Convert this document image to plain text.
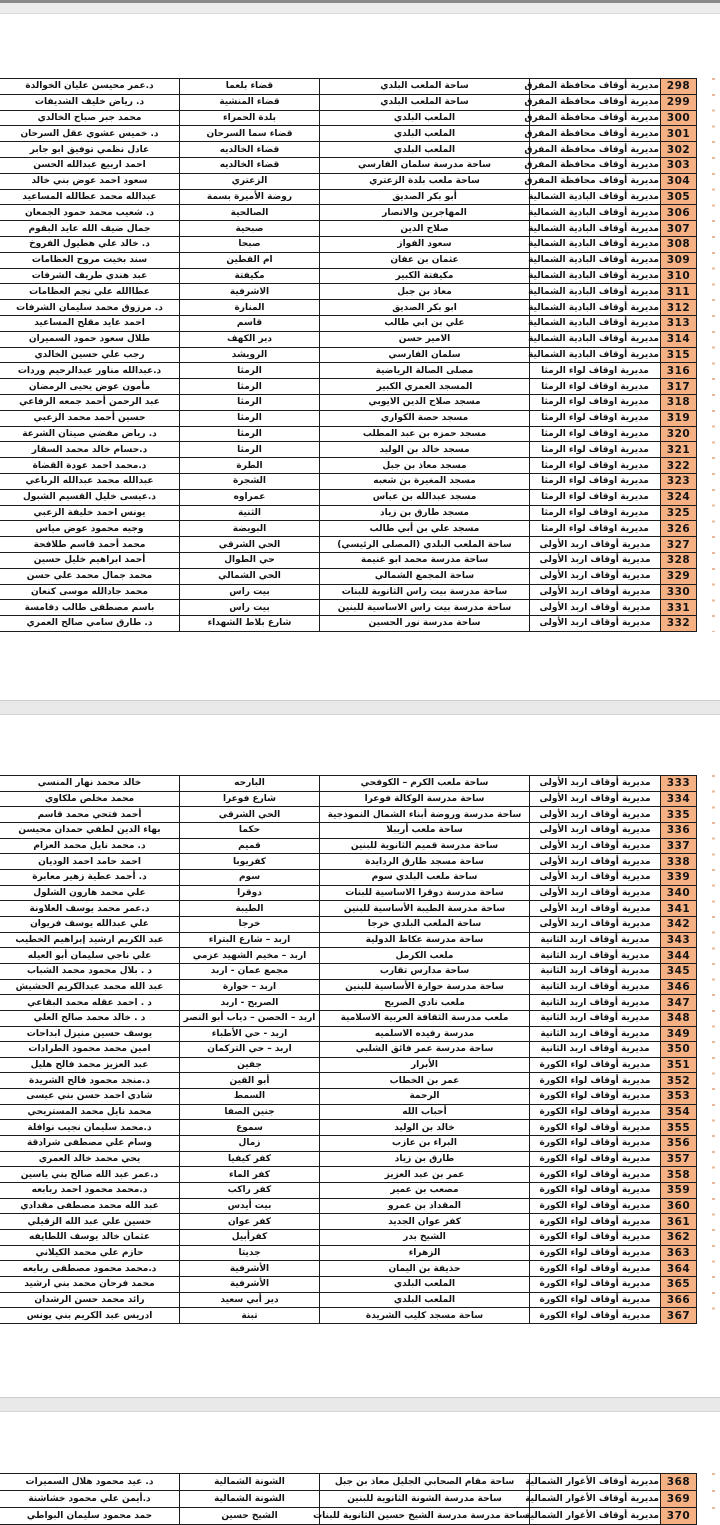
298	مديرية أوقاف محافظة المفرق	ساحة الملعب البلدي	قضاء بلعما	د.عمر محيسن عليان الخوالدة
299	مديرية أوقاف محافظة المفرق	ساحة الملعب البلدي	قضاء المنشية	د. رياض خليف الشديفات
300	مديرية أوقاف محافظة المفرق	الملعب البلدي	بلدة الحمراء	محمد جبر صباح الخالدي
301	مديرية أوقاف محافظة المفرق	الملعب البلدي	قضاء سما السرحان	د. خميس عشوي عقل السرحان
302	مديرية أوقاف محافظة المفرق	الملعب البلدي	قضاء الخالديه	عادل نظمي توفيق ابو جابر
303	مديرية أوقاف محافظة المفرق	ساحة مدرسة سلمان الفارسي	قضاء الخالديه	احمد اربيع عبدالله الحسن
304	مديرية أوقاف محافظة المفرق	ساحة ملعب بلدة الزعتري	الزعتري	سعود احمد عوض بني خالد
305	مديرية أوقاف البادية الشمالية	أبو بكر الصديق	روضة الأميرة بسمة	عبدالله محمد عطالله المساعيد
306	مديرية أوقاف البادية الشمالية	المهاجرين والانصار	الصالحية	د. شعيب محمد حمود الجمعان
307	مديرية أوقاف البادية الشمالية	صلاح الدين	صبحية	جمال ضيف الله عايد البقوم
308	مديرية أوقاف البادية الشمالية	سعود الفواز	صبحا	د. خالد علي هطيول الفروخ
309	مديرية أوقاف البادية الشمالية	عثمان بن عفان	ام القطين	سند بخيت مروح العظامات
310	مديرية أوقاف البادية الشمالية	مكيفتة الكبير	مكيفتة	عبد هندي طريف الشرفات
311	مديرية أوقاف البادية الشمالية	معاذ بن جبل	الاشرفية	عطاالله علي نجم العظامات
312	مديرية أوقاف البادية الشمالية	ابو بكر الصديق	المنارة	د. مرزوق محمد سليمان الشرفات
313	مديرية أوقاف البادية الشمالية	علي بن ابي طالب	قاسم	احمد عايد مقلح المساعيد
314	مديرية أوقاف البادية الشمالية	الامير حسن	دير الكهف	طلال سعود حمود السميران
315	مديرية أوقاف البادية الشمالية	سلمان الفارسي	الرويشد	رجب علي حسين الخالدي
316	مديرية اوقاف لواء الرمثا	مصلى الصالة الرياضية	الرمثا	د.عبدالله مناور عبدالرحيم وردات
317	مديرية اوقاف لواء الرمثا	المسجد العمري الكبير	الرمثا	مأمون عوض يحيى الرمضان
318	مديرية اوقاف لواء الرمثا	مسجد صلاح الدين الايوبي	الرمثا	عبد الرحمن أحمد جمعه الرفاعي
319	مديرية اوقاف لواء الرمثا	مسجد حصة الكواري	الرمثا	حسين أحمد محمد الزعبي
320	مديرية اوقاف لواء الرمثا	مسجد حمزه بن عبد المطلب	الرمثا	د. رياض مفضي صيتان الشرعة
321	مديرية اوقاف لواء الرمثا	مسجد خالد بن الوليد	الرمثا	د.حسام خالد محمد السقار
322	مديرية اوقاف لواء الرمثا	مسجد معاذ بن جبل	الطرة	د.محمد احمد عودة القضاة
323	مديرية اوقاف لواء الرمثا	مسجد المغيرة بن شعبه	الشجرة	عبدالله محمد عبدالله الرباعي
324	مديرية اوقاف لواء الرمثا	مسجد عبدالله بن عباس	عمراوه	د.عيسى خليل القسيم الشبول
325	مديرية اوقاف لواء الرمثا	مسجد طارق بن زياد	الثنية	يونس احمد خليفة الزعبي
326	مديرية اوقاف لواء الرمثا	مسجد علي بن أبي طالب	البويضة	وجيه محمود عوض مياس
327	مديرية أوقاف اربد الأولى	ساحة الملعب البلدي (المصلى الرئيسي)	الحي الشرقي	محمد أحمد قاسم طلافحة
328	مديرية أوقاف اربد الأولى	ساحة مدرسة محمد ابو غنيمة	حي الطوال	أحمد ابراهيم خليل حسين
329	مديرية أوقاف اربد الأولى	ساحة المجمع الشمالي	الحي الشمالي	محمد جمال محمد علي حسن
330	مديرية أوقاف اربد الأولى	ساحة مدرسة بيت راس الثانوية للبنات	بيت راس	محمد جادالله موسى كنعان
331	مديرية أوقاف اربد الأولى	ساحة مدرسة بيت راس الاساسية للبنين	بيت راس	باسم مصطفى طالب دقامسة
332	مديرية أوقاف اربد الأولى	ساحة مدرسة نور الحسين	شارع بلاط الشهداء	د. طارق سامي صالح العمري
333	مديرية أوقاف اربد الأولى	ساحة ملعب الكرم – الكوفحي	البارحه	خالد محمد نهار المنسي
334	مديرية أوقاف اربد الأولى	ساحة مدرسة الوكالة فوعرا	شارع فوعرا	محمد مخلص ملكاوي
335	مديرية أوقاف اربد الأولى	ساحة مدرسة وروضة أبناء الشمال النموذجية	الحي الشرقي	أحمد فتحي محمد قاسم
336	مديرية أوقاف اربد الأولى	ساحة ملعب أريبلا	حكما	بهاء الدين لطفي حمدان محيسن
337	مديرية أوقاف اربد الأولى	ساحة مدرسة قميم الثانوية للبنين	قميم	د. محمد نايل محمد العزام
338	مديرية أوقاف اربد الأولى	ساحة مسجد طارق الردايدة	كفريوبا	احمد حامد احمد الوديان
339	مديرية أوقاف اربد الأولى	ساحة ملعب البلدي سوم	سوم	د. أحمد عطية زهير معابرة
340	مديرية أوقاف اربد الأولى	ساحة مدرسة دوقرا الاساسية للبنات	دوقرا	علي محمد هارون الشلول
341	مديرية أوقاف اربد الأولى	ساحة مدرسة الطيبة الأساسية للبنين	الطيبة	د.عمر محمد يوسف العلاونة
342	مديرية أوقاف اربد الأولى	ساحة الملعب البلدي خرجا	خرجا	علي عبدالله يوسف فريوان
343	مديرية أوقاف اربد الثانية	ساحة مدرسة عكاظ الدولية	اربد – شارع البتراء	عبد الكريم ارشيد إبراهيم الخطيب
344	مديرية أوقاف اربد الثانية	ملعب الكرمل	اربد – مخيم الشهيد عزمي	علي ناجي سليمان أبو العيله
345	مديرية أوقاف اربد الثانية	ساحة مدارس تقارب	مجمع عمان - اربد	د . بلال محمود محمد الشباب
346	مديرية أوقاف اربد الثانية	ساحة مدرسة حوارة الأساسية للبنين	اربد – حوارة	عبد الله محمد عبدالكريم الحشيش
347	مديرية أوقاف اربد الثانية	ملعب نادي الصريح	الصريح - اربد	د . احمد عقله محمد البقاعي
348	مديرية أوقاف اربد الثانية	ملعب مدرسة الثقافة العربية الاسلامية	اربد – الحصن – دياب أبو النصر	د . خالد محمد صالح العلي
349	مديرية أوقاف اربد الثانية	مدرسة رفيده الاسلميه	اربد - حي الأطباء	يوسف حسين منيزل ابداحات
350	مديرية أوقاف اربد الثانية	ساحة مدرسة عمر فائق الشلبي	اربد – حي التركمان	امين محمد محمود الطرادات
351	مديرية أوقاف لواء الكورة	الأبرار	جفين	عبد العزيز محمد فالح هليل
352	مديرية أوقاف لواء الكورة	عمر بن الخطاب	أبو القين	د.منجد محمود فالح الشريدة
353	مديرية أوقاف لواء الكورة	الرحمة	السمط	شادي احمد حسن بني عيسى
354	مديرية أوقاف لواء الكورة	أحباب الله	جنين الصفا	محمد نايل محمد المستريحي
355	مديرية أوقاف لواء الكورة	خالد بن الوليد	سموع	د.محمد سليمان نجيب نوافلة
356	مديرية أوقاف لواء الكورة	البراء بن عازب	زمال	وسام علي مصطفى شرادقة
357	مديرية أوقاف لواء الكورة	طارق بن زياد	كفر كيفيا	يحي محمد خالد العمري
358	مديرية أوقاف لواء الكورة	عمر بن عبد العزيز	كفر الماء	د.عمر عبد الله صالح بني ياسين
359	مديرية أوقاف لواء الكورة	مصعب بن عمير	كفر راكب	د.محمد محمود احمد ربابعه
360	مديرية أوقاف لواء الكورة	المقداد بن عمرو	بيت أيدس	عبد الله محمد مصطفى مقدادي
361	مديرية أوقاف لواء الكورة	كفر عوان الجديد	كفر عوان	حسين علي عبد الله الزقيلي
362	مديرية أوقاف لواء الكورة	الشيخ بدر	كفرأبيل	عثمان خالد يوسف اللطايفه
363	مديرية أوقاف لواء الكورة	الزهراء	جديتا	حازم علي محمد الكيلاني
364	مديرية أوقاف لواء الكورة	حذيفة بن اليمان	الأشرفية	د.محمد محمود مصطفى ربابعه
365	مديرية أوقاف لواء الكورة	الملعب البلدي	الأشرفية	محمد فرحان محمد بني ارشيد
366	مديرية أوقاف لواء الكورة	الملعب البلدي	دير أبي سعيد	رائد محمد حسن الرشدان
367	مديرية أوقاف لواء الكورة	ساحة مسجد كليب الشريدة	تبنة	ادريس عبد الكريم بني يونس
368	مديرية أوقاف الأغوار الشمالية	ساحة مقام الصحابي الجليل معاذ بن جبل	الشونة الشمالية	د. عيد محمود هلال السميرات
369	مديرية أوقاف الأغوار الشمالية	ساحة مدرسة الشونة الثانوية للبنين	الشونة الشمالية	د.أيمن علي محمود خشاشنة
370	مديرية أوقاف الأغوار الشمالية	ساحة مدرسة مدرسة الشيخ حسين الثانوية للبنات	الشيخ حسين	حمد محمود سليمان البواطي
